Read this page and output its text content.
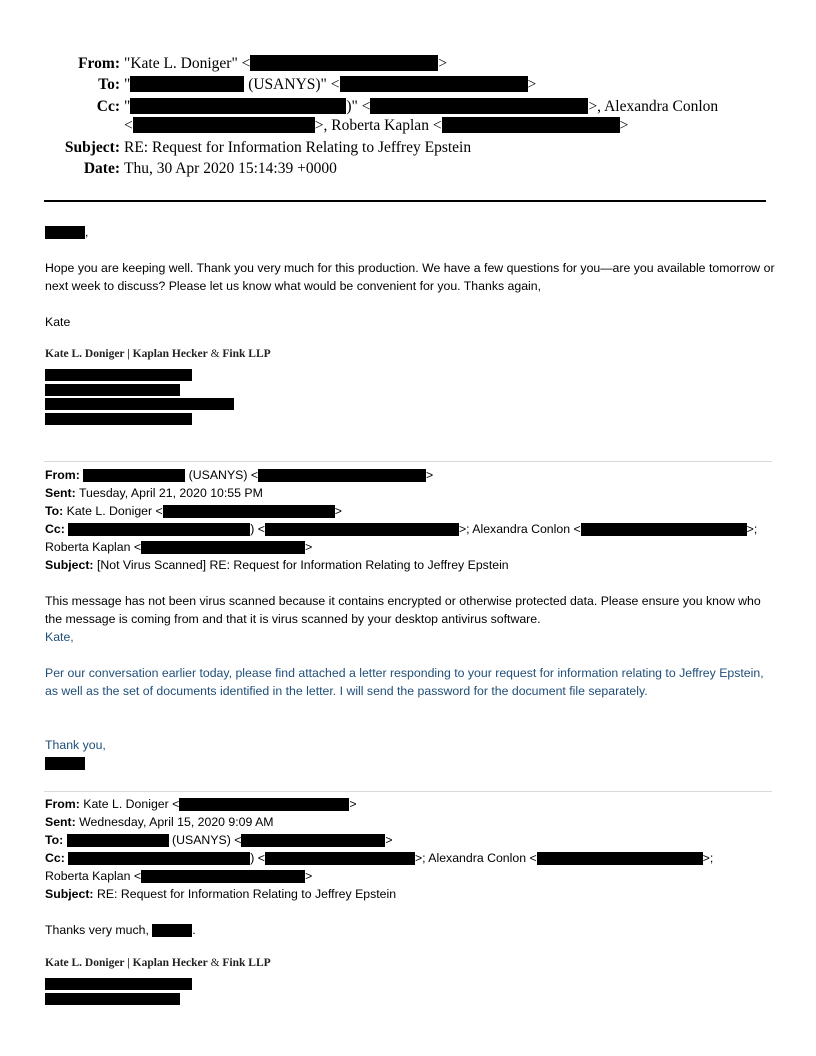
From: "Kate L. Doniger" <	>
To: "	(USANYS)" <	>
Cc: "	)" <	>, Alexandra Conlon
<	>, Roberta Kaplan <	>
Subject: RE: Request for Information Relating to Jeffrey Epstein
Date: Thu, 30 Apr 2020 15:14:39 +0000
,
Hope you are keeping well. Thank you very much for this production. We have a few questions for you—are you available tomorrow or next week to discuss? Please let us know what would be convenient for you. Thanks again,
Kate
Kate L. Doniger | Kaplan Hecker & Fink LLP
From:	(USANYS) <	>
Sent: Tuesday, April 21, 2020 10:55 PM
To: Kate L. Doniger <	>
Cc:	) <	>; Alexandra Conlon <	>;
Roberta Kaplan <	>
Subject: [Not Virus Scanned] RE: Request for Information Relating to Jeffrey Epstein
This message has not been virus scanned because it contains encrypted or otherwise protected data. Please ensure you know who the message is coming from and that it is virus scanned by your desktop antivirus software.
Kate,
Per our conversation earlier today, please find attached a letter responding to your request for information relating to Jeffrey Epstein, as well as the set of documents identified in the letter. I will send the password for the document file separately.
Thank you,
From: Kate L. Doniger <	>
Sent: Wednesday, April 15, 2020 9:09 AM
To:	(USANYS) <	>
Cc:	) <	>; Alexandra Conlon <	>;
Roberta Kaplan <	>
Subject: RE: Request for Information Relating to Jeffrey Epstein
Thanks very much,	.
Kate L. Doniger | Kaplan Hecker & Fink LLP
